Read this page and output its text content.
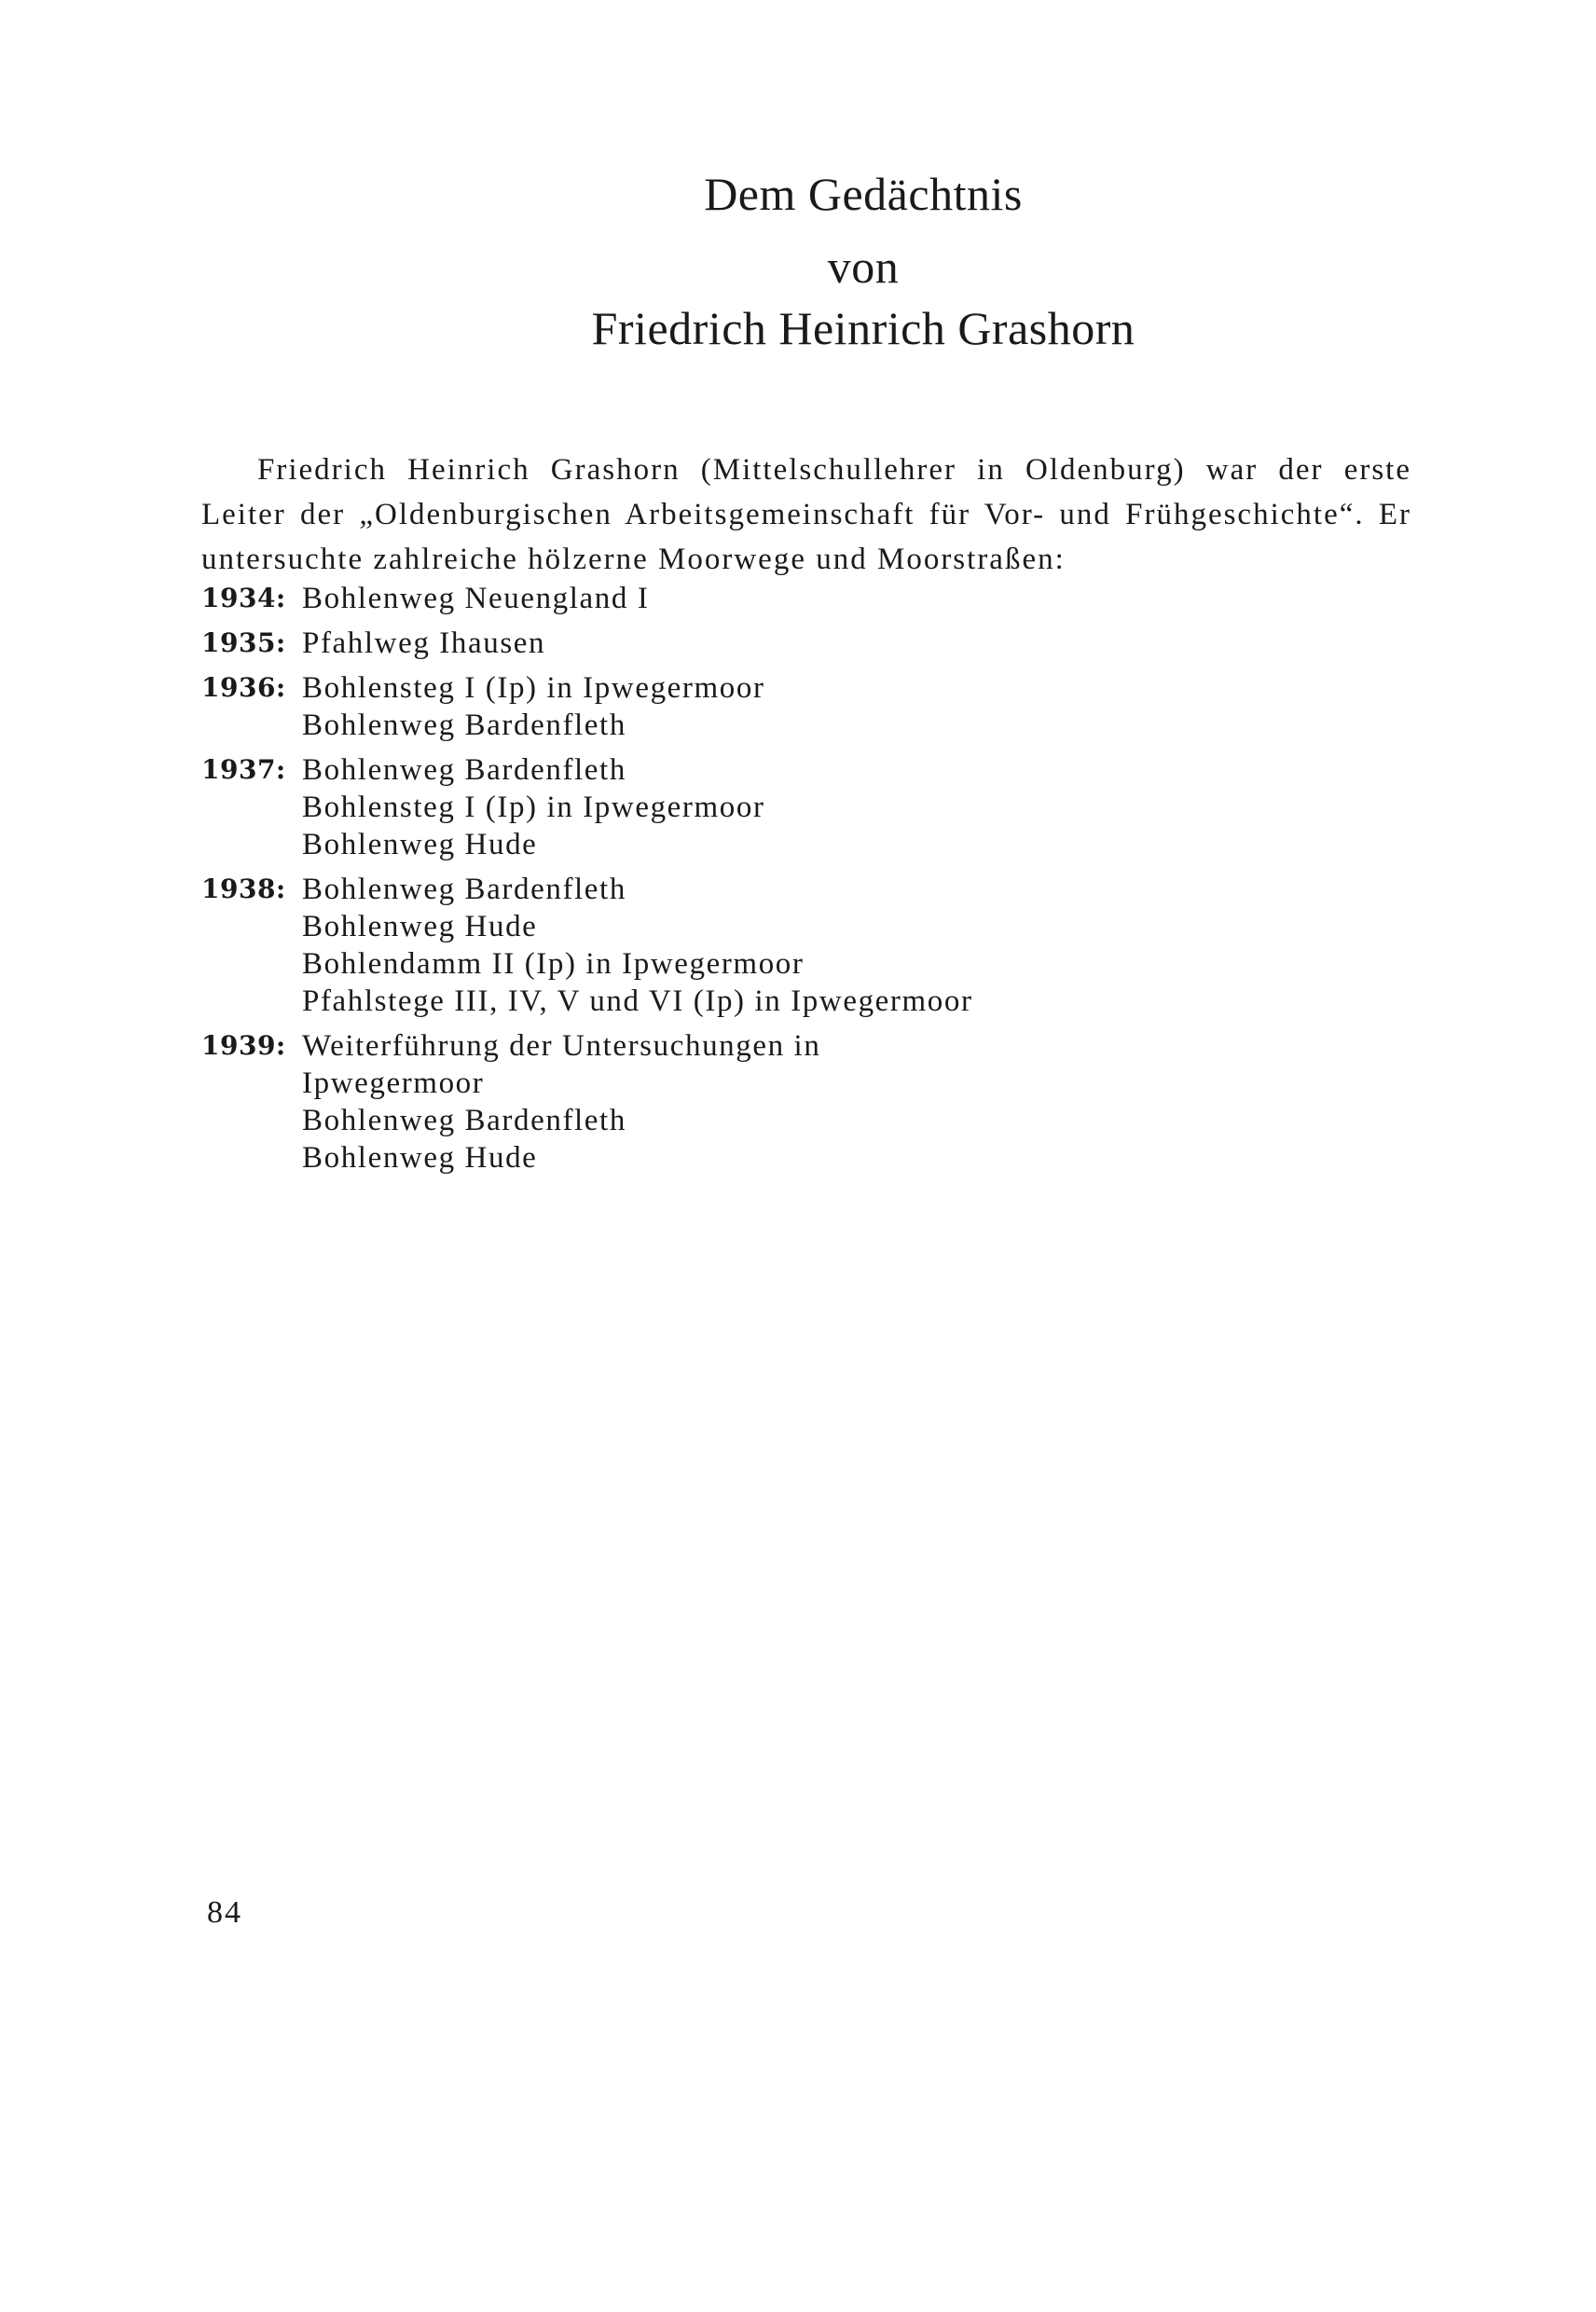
Dem Gedächtnis
von
Friedrich Heinrich Grashorn
Friedrich Heinrich Grashorn (Mittelschullehrer in Oldenburg) war der erste
Leiter der „Oldenburgischen Arbeitsgemeinschaft für Vor- und Frühgeschichte“. Er
untersuchte zahlreiche hölzerne Moorwege und Moorstraßen:
1934: Bohlenweg Neuengland I
1935: Pfahlweg Ihausen
1936: Bohlensteg I (Ip) in Ipwegermoor
Bohlenweg Bardenfleth
1937: Bohlenweg Bardenfleth
Bohlensteg I (Ip) in Ipwegermoor
Bohlenweg Hude
1938: Bohlenweg Bardenfleth
Bohlenweg Hude
Bohlendamm II (Ip) in Ipwegermoor
Pfahlstege III, IV, V und VI (Ip) in Ipwegermoor
1939: Weiterführung der Untersuchungen in
Ipwegermoor
Bohlenweg Bardenfleth
Bohlenweg Hude
84
